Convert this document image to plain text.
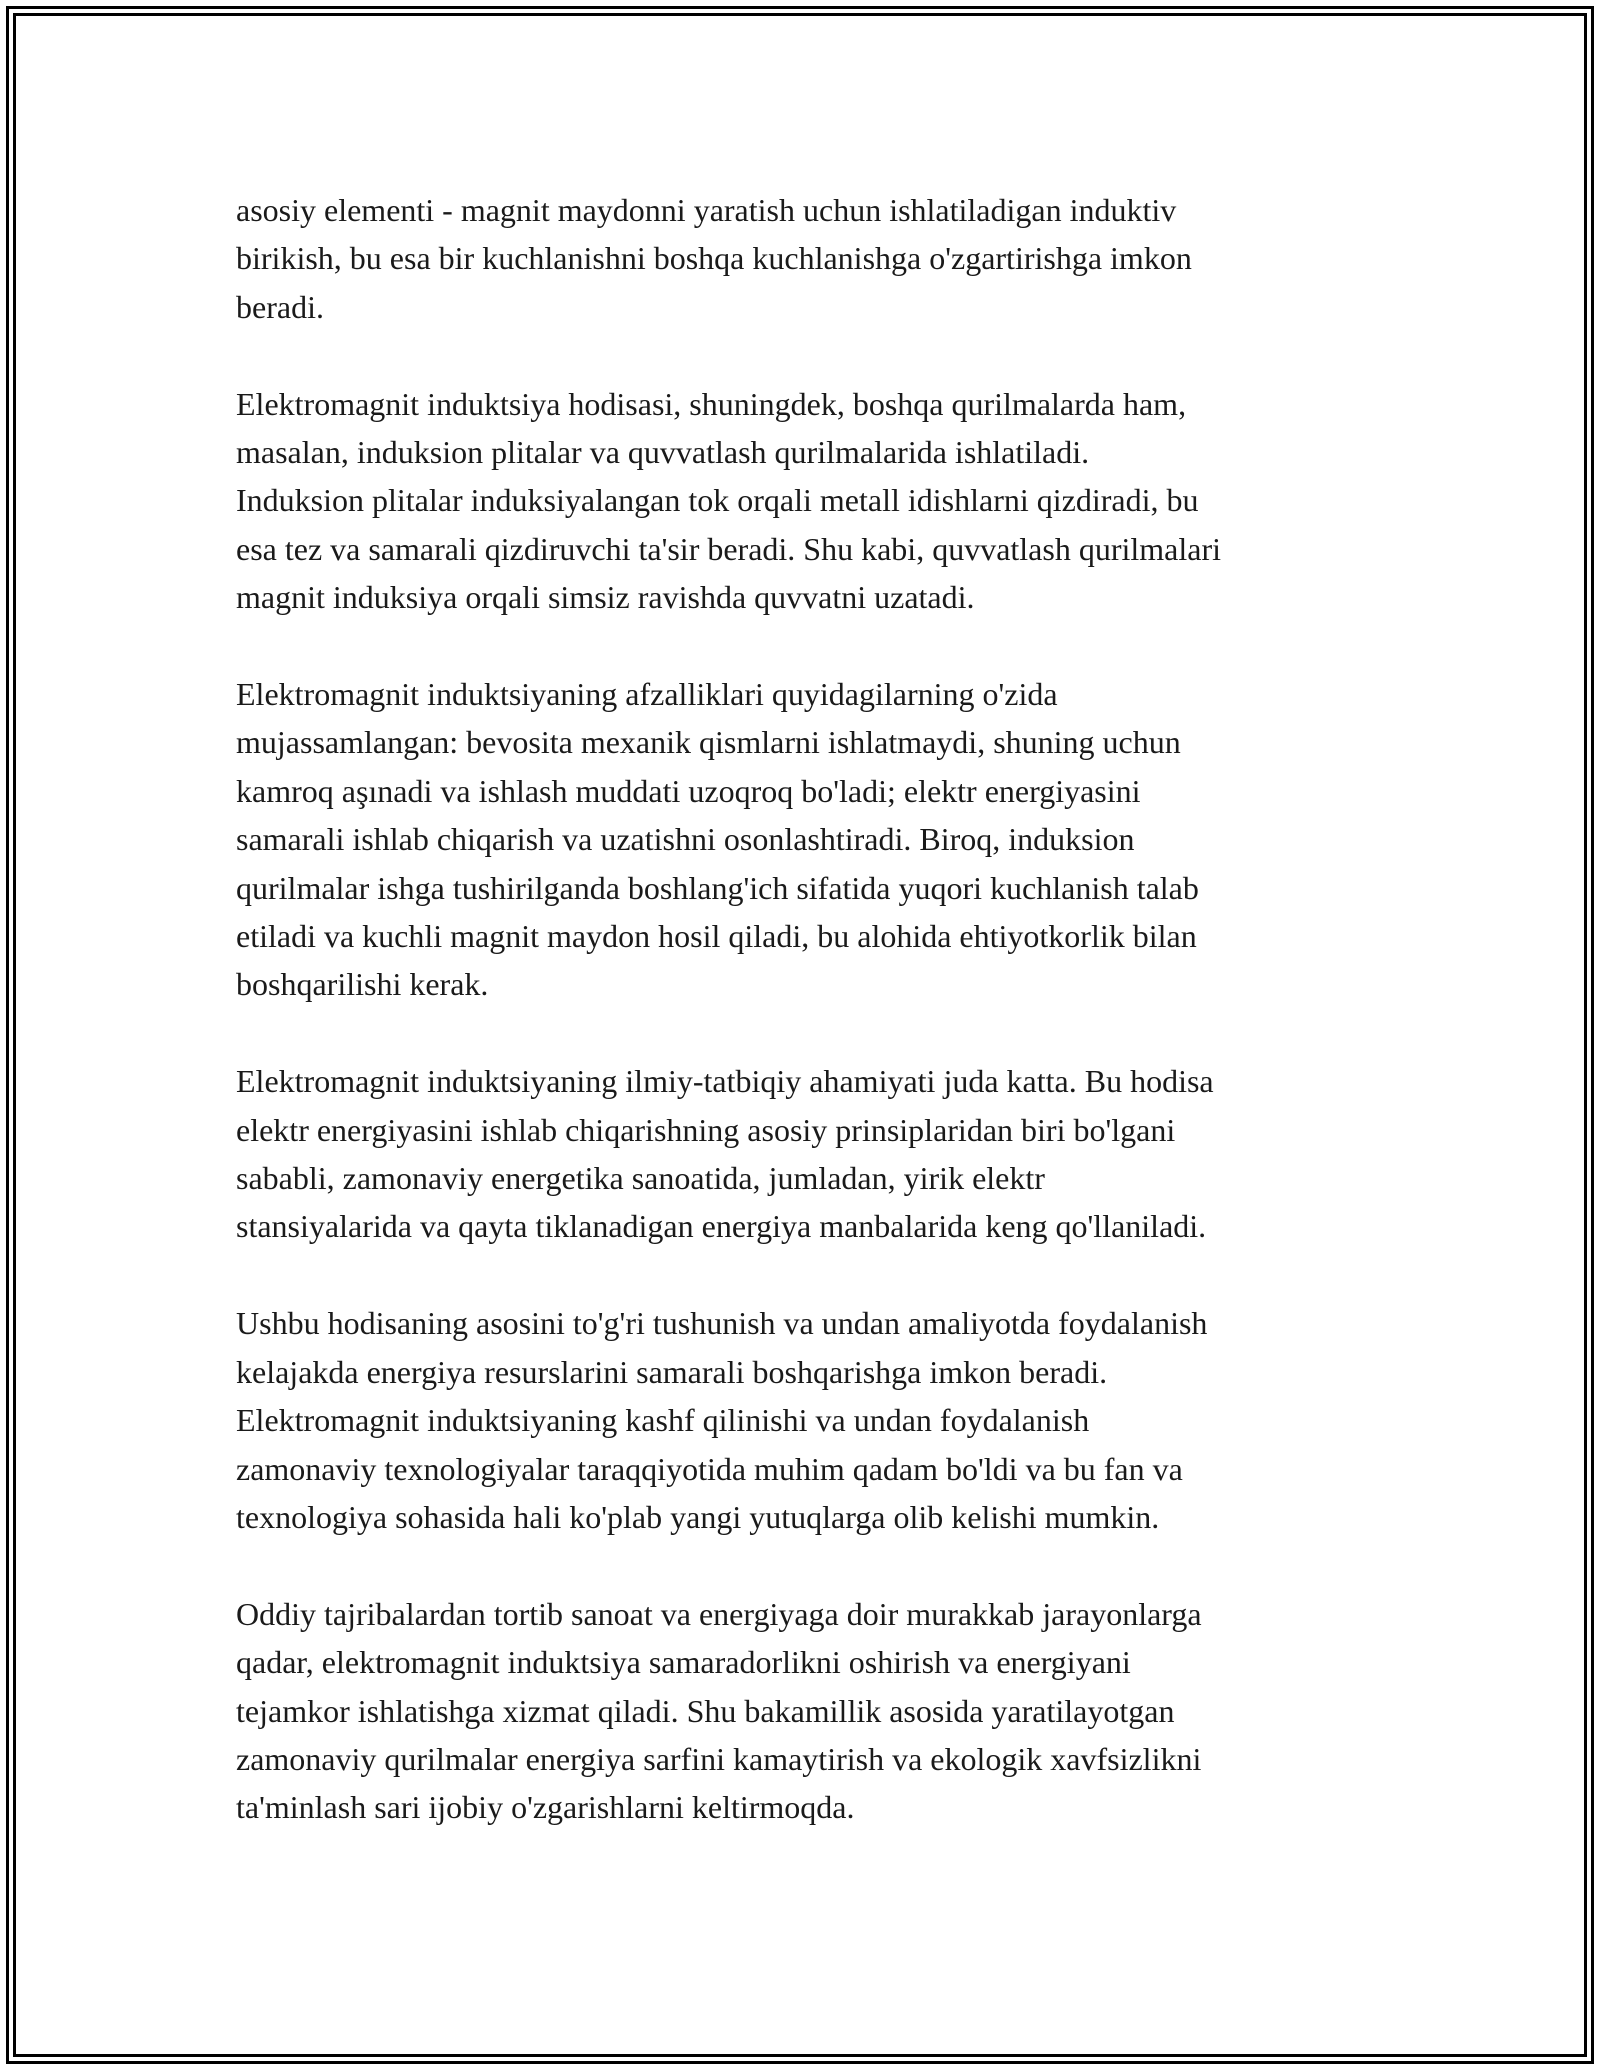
asosiy elementi - magnit maydonni yaratish uchun ishlatiladigan induktiv
birikish, bu esa bir kuchlanishni boshqa kuchlanishga o'zgartirishga imkon
beradi.

Elektromagnit induktsiya hodisasi, shuningdek, boshqa qurilmalarda ham,
masalan, induksion plitalar va quvvatlash qurilmalarida ishlatiladi.
Induksion plitalar induksiyalangan tok orqali metall idishlarni qizdiradi, bu
esa tez va samarali qizdiruvchi ta'sir beradi. Shu kabi, quvvatlash qurilmalari
magnit induksiya orqali simsiz ravishda quvvatni uzatadi.

Elektromagnit induktsiyaning afzalliklari quyidagilarning o'zida
mujassamlangan: bevosita mexanik qismlarni ishlatmaydi, shuning uchun
kamroq aşınadi va ishlash muddati uzoqroq bo'ladi; elektr energiyasini
samarali ishlab chiqarish va uzatishni osonlashtiradi. Biroq, induksion
qurilmalar ishga tushirilganda boshlang'ich sifatida yuqori kuchlanish talab
etiladi va kuchli magnit maydon hosil qiladi, bu alohida ehtiyotkorlik bilan
boshqarilishi kerak.

Elektromagnit induktsiyaning ilmiy-tatbiqiy ahamiyati juda katta. Bu hodisa
elektr energiyasini ishlab chiqarishning asosiy prinsiplaridan biri bo'lgani
sababli, zamonaviy energetika sanoatida, jumladan, yirik elektr
stansiyalarida va qayta tiklanadigan energiya manbalarida keng qo'llaniladi.

Ushbu hodisaning asosini to'g'ri tushunish va undan amaliyotda foydalanish
kelajakda energiya resurslarini samarali boshqarishga imkon beradi.
Elektromagnit induktsiyaning kashf qilinishi va undan foydalanish
zamonaviy texnologiyalar taraqqiyotida muhim qadam bo'ldi va bu fan va
texnologiya sohasida hali ko'plab yangi yutuqlarga olib kelishi mumkin.

Oddiy tajribalardan tortib sanoat va energiyaga doir murakkab jarayonlarga
qadar, elektromagnit induktsiya samaradorlikni oshirish va energiyani
tejamkor ishlatishga xizmat qiladi. Shu bakamillik asosida yaratilayotgan
zamonaviy qurilmalar energiya sarfini kamaytirish va ekologik xavfsizlikni
ta'minlash sari ijobiy o'zgarishlarni keltirmoqda.
